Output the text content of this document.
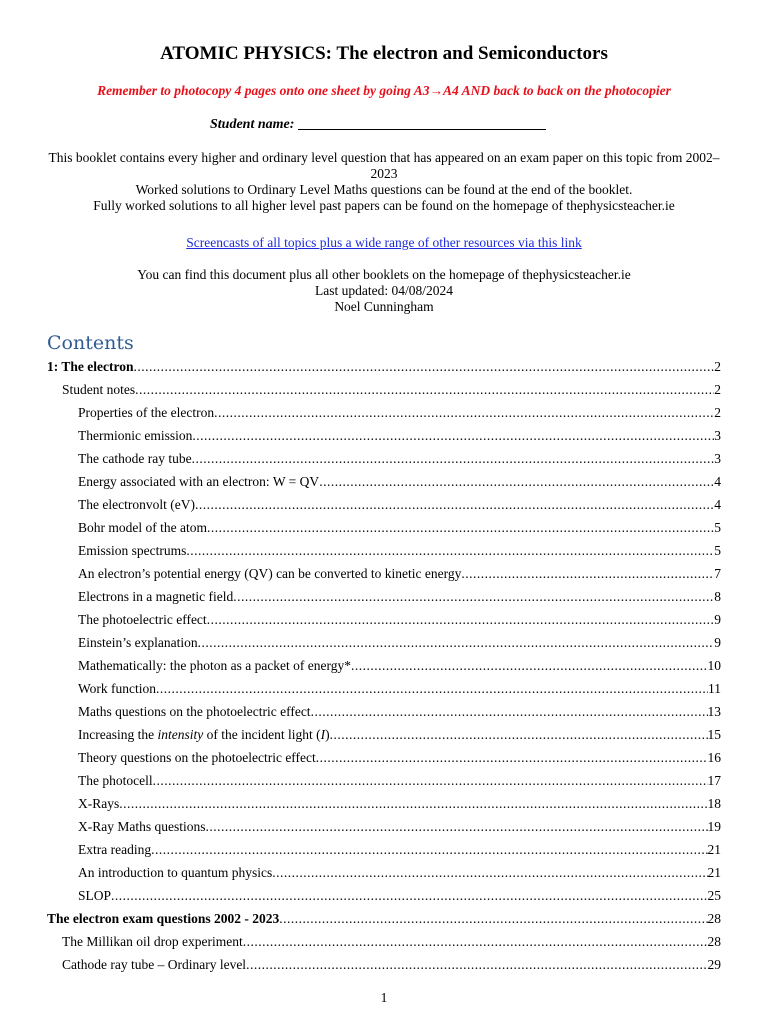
ATOMIC PHYSICS: The electron and Semiconductors
Remember to photocopy 4 pages onto one sheet by going A3→A4 AND back to back on the photocopier
Student name:
This booklet contains every higher and ordinary level question that has appeared on an exam paper on this topic from 2002–2023
Worked solutions to Ordinary Level Maths questions can be found at the end of the booklet.
Fully worked solutions to all higher level past papers can be found on the homepage of thephysicsteacher.ie
Screencasts of all topics plus a wide range of other resources via this link
You can find this document plus all other booklets on the homepage of thephysicsteacher.ie
Last updated: 04/08/2024
Noel Cunningham
Contents
1: The electron .....	2
Student notes .....	2
Properties of the electron .....	2
Thermionic emission .....	3
The cathode ray tube .....	3
Energy associated with an electron: W = QV .....	4
The electronvolt (eV) .....	4
Bohr model of the atom .....	5
Emission spectrums .....	5
An electron’s potential energy (QV) can be converted to kinetic energy .....	7
Electrons in a magnetic field .....	8
The photoelectric effect .....	9
Einstein’s explanation .....	9
Mathematically: the photon as a packet of energy* .....	10
Work function .....	11
Maths questions on the photoelectric effect .....	13
Increasing the intensity of the incident light (I) .....	15
Theory questions on the photoelectric effect .....	16
The photocell .....	17
X-Rays .....	18
X-Ray Maths questions .....	19
Extra reading .....	21
An introduction to quantum physics .....	21
SLOP .....	25
The electron exam questions 2002 - 2023 .....	28
The Millikan oil drop experiment .....	28
Cathode ray tube – Ordinary level .....	29
1
